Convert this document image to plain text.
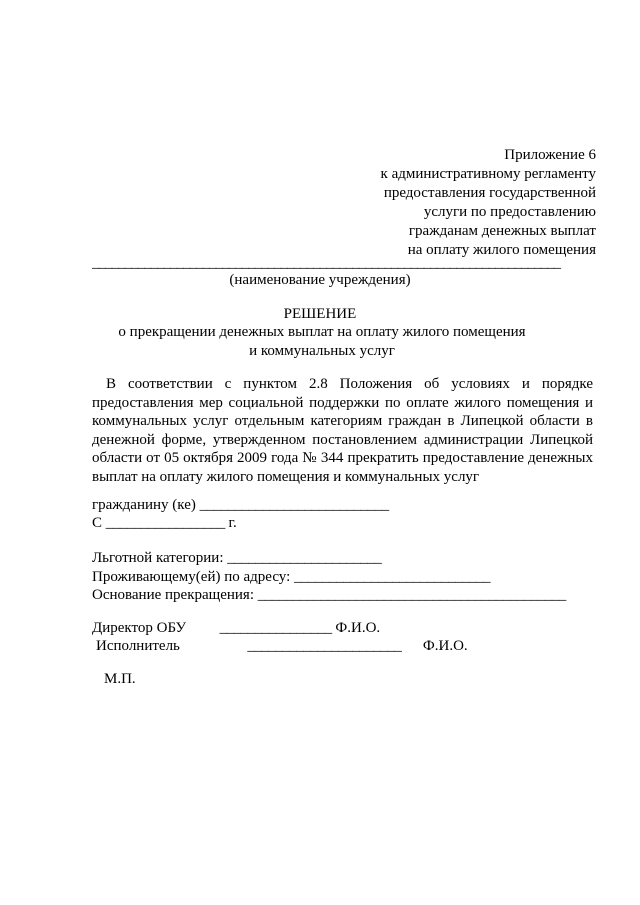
Приложение 6
к административному регламенту
предоставления государственной
услуги по предоставлению
гражданам денежных выплат
на оплату жилого помещения
________________________________________________________________________
(наименование учреждения)
РЕШЕНИЕ
о прекращении денежных выплат на оплату жилого помещения и коммунальных услуг
В соответствии с пунктом 2.8 Положения об условиях и порядке предоставления мер социальной поддержки по оплате жилого помещения и коммунальных услуг отдельным категориям граждан в Липецкой области в денежной форме, утвержденном постановлением администрации Липецкой области от 05 октября 2009 года № 344 прекратить предоставление денежных выплат на оплату жилого помещения и коммунальных услуг
гражданину (ке) ___________________________
С _________________ г.
Льготной категории: ______________________
Проживающему(ей) по адресу: ____________________________
Основание прекращения: ____________________________________________
Директор ОБУ ________________ Ф.И.О.
Исполнитель	______________________ Ф.И.О.
М.П.
